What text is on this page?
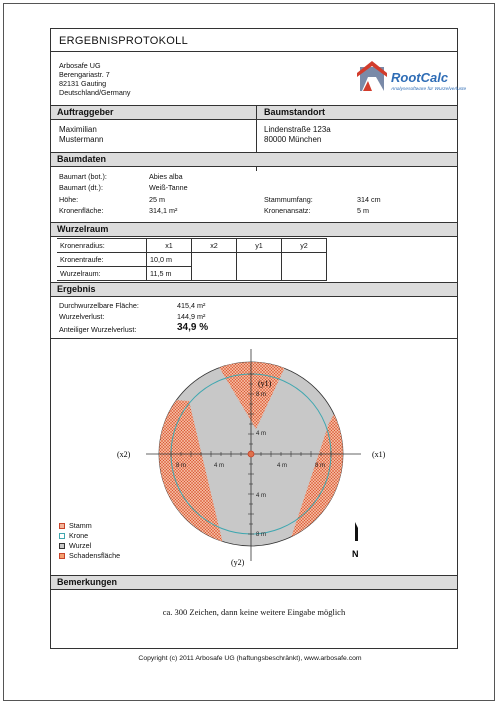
ERGEBNISPROTOKOLL
Arbosafe UG
Berengariastr. 7
82131 Gauting
Deutschland/Germany
RootCalc
Analysesoftware für Wurzelverluste
Auftraggeber	Baumstandort
Maximilian
Mustermann
Lindenstraße 123a
80000 München
Baumdaten
Baumart (bot.):	Abies alba
Baumart (dt.):	Weiß-Tanne
Höhe:	25 m
Kronenfläche:	314,1 m²
Stammumfang:	314 cm
Kronenansatz:	5 m
Wurzelraum
Kronenradius:	x1	x2	y1	y2
Kronentraufe:	10,0 m			
Wurzelraum:	11,5 m			
Ergebnis
Durchwurzelbare Fläche:	415,4 m²
Wurzelverlust:	144,9 m²
Anteiliger Wurzelverlust:	34,9 %
(y1)
(y2)
(x1)
(x2)
8 m	4 m	4 m	8 m
8 m
4 m
4 m
8 m
N
Stamm
Krone
Wurzel
Schadensfläche
Bemerkungen
ca. 300 Zeichen, dann keine weitere Eingabe möglich
Copyright (c) 2011 Arbosafe UG (haftungsbeschränkt), www.arbosafe.com
